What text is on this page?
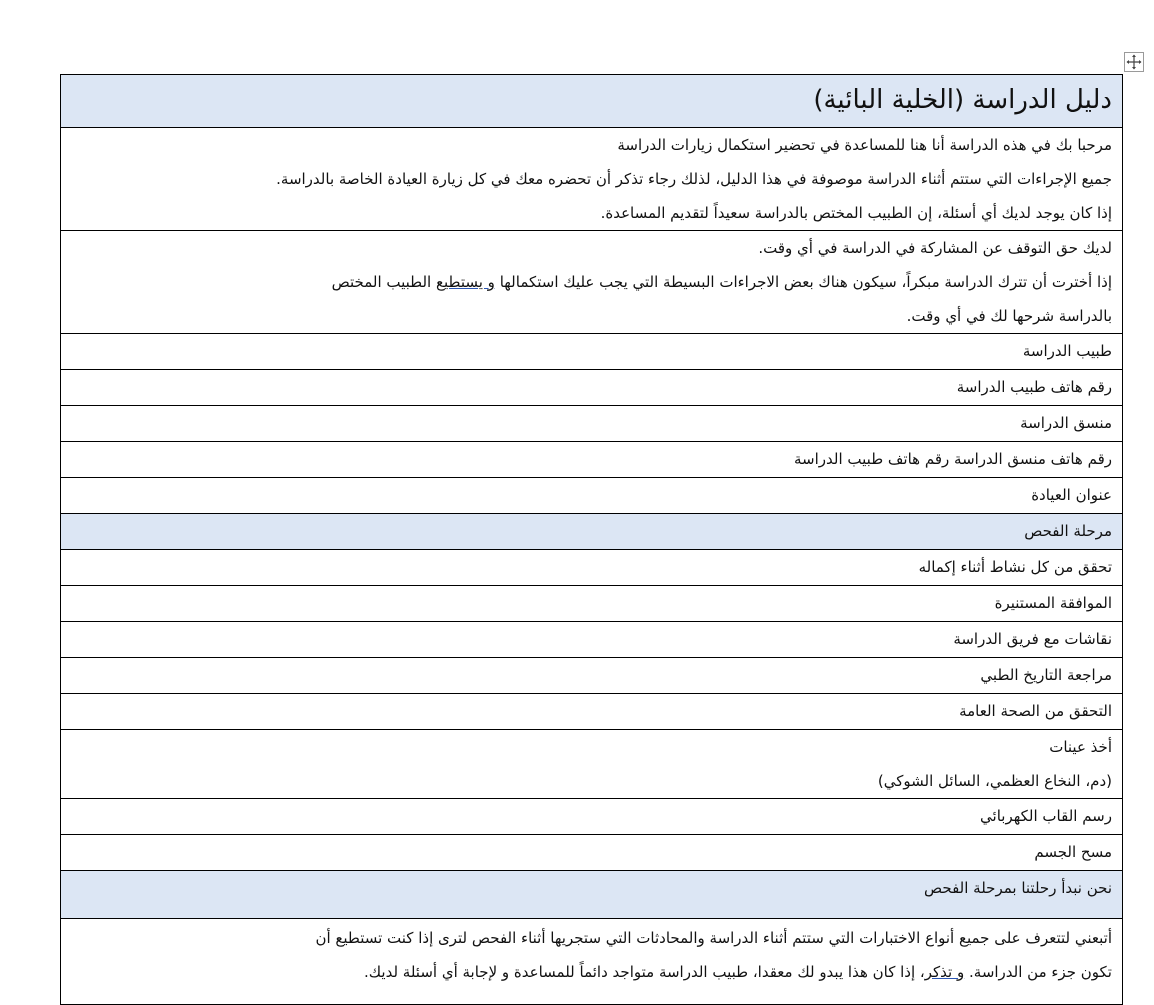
دليل الدراسة (الخلية البائية)

مرحبا بك في هذه الدراسة أنا هنا للمساعدة في تحضير استكمال زيارات الدراسة
جميع الإجراءات التي ستتم أثناء الدراسة موصوفة في هذا الدليل، لذلك رجاء تذكر أن تحضره معك في كل زيارة العيادة الخاصة بالدراسة.
إذا كان يوجد لديك أي أسئلة، إن الطبيب المختص بالدراسة سعيداً لتقديم المساعدة.

لديك حق التوقف عن المشاركة في الدراسة في أي وقت.
إذا أخترت أن تترك الدراسة مبكراً، سيكون هناك بعض الاجراءات البسيطة التي يجب عليك استكمالها و يستطيع الطبيب المختص
بالدراسة شرحها لك في أي وقت.

طبيب الدراسة
رقم هاتف طبيب الدراسة
منسق الدراسة
رقم هاتف منسق الدراسة رقم هاتف طبيب الدراسة
عنوان العيادة
مرحلة الفحص
تحقق من كل نشاط أثناء إكماله
الموافقة المستنيرة
نقاشات مع فريق الدراسة
مراجعة التاريخ الطبي
التحقق من الصحة العامة

أخذ عينات
(دم، النخاع العظمي، السائل الشوكي)

رسم القاب الكهربائي
مسح الجسم
نحن نبدأ رحلتنا بمرحلة الفحص

أتبعني لتتعرف على جميع أنواع الاختبارات التي ستتم أثناء الدراسة والمحادثات التي ستجريها أثناء الفحص لترى إذا كنت تستطيع أن
تكون جزء من الدراسة. و تذكر، إذا كان هذا يبدو لك معقدا، طبيب الدراسة متواجد دائماً للمساعدة و لإجابة أي أسئلة لديك.
